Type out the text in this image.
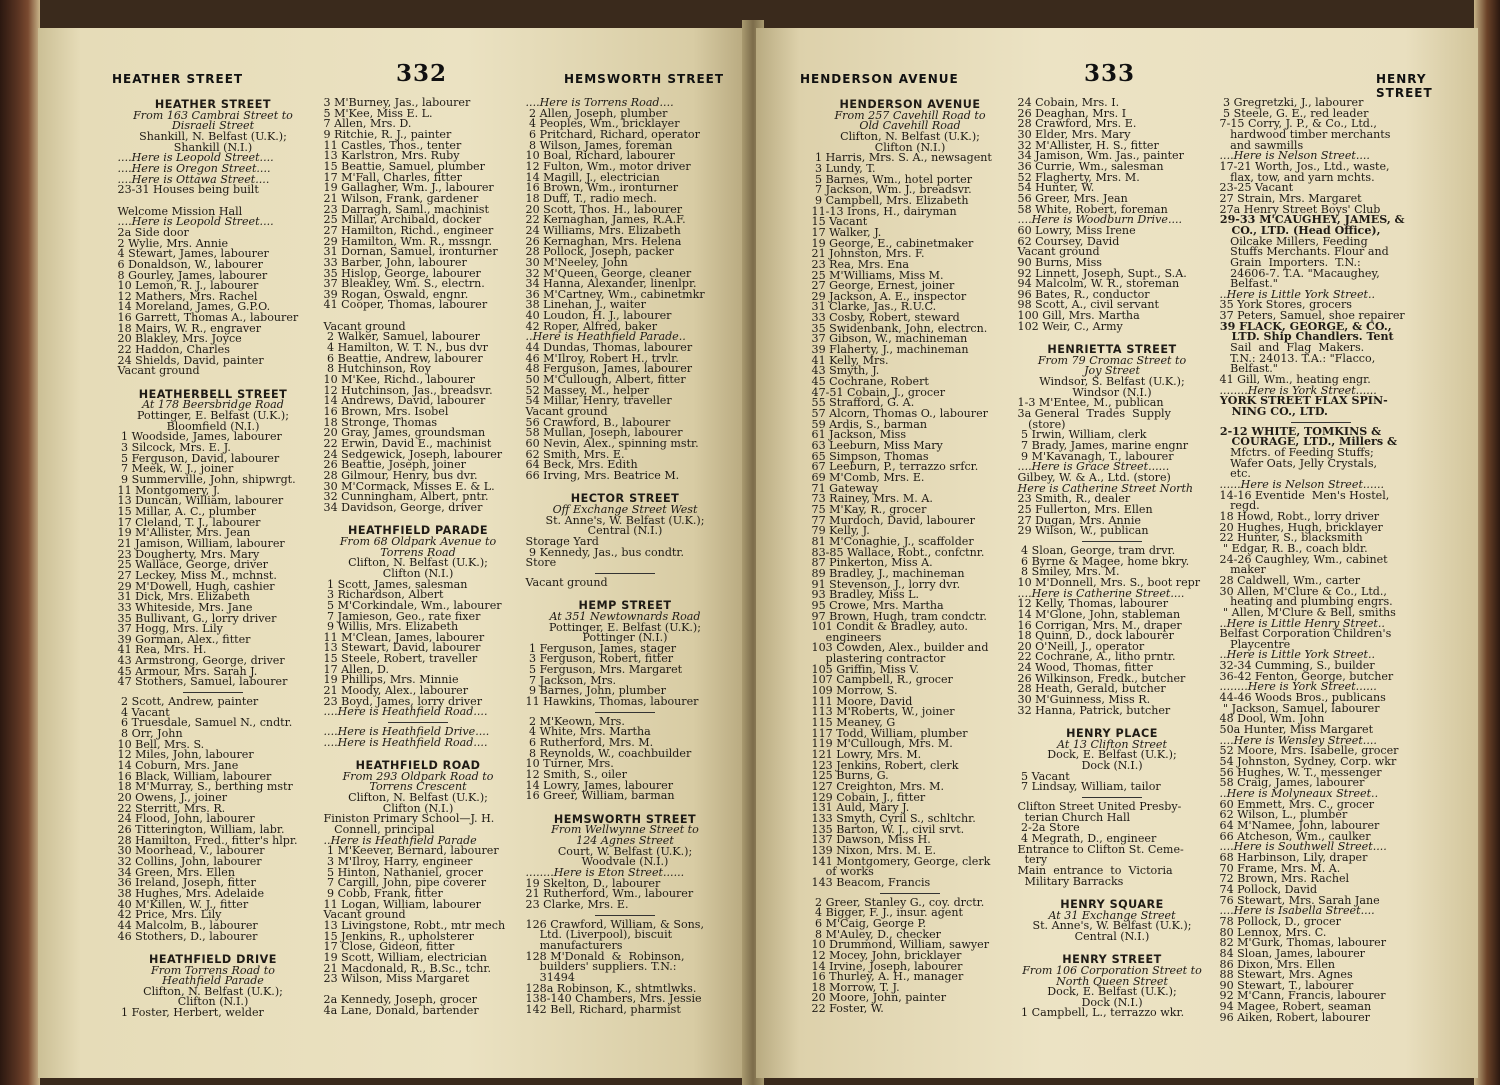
HEATHER STREET	332	HEMSWORTH STREET
HEATHER STREET
From 163 Cambrai Street to
Disraeli Street
Shankill, N. Belfast (U.K.);
Shankill (N.I.)
....Here is Leopold Street....
....Here is Oregon Street....
....Here is Ottawa Street....
23-31 Houses being built

Welcome Mission Hall
....Here is Leopold Street....
2a Side door
2 Wylie, Mrs. Annie
4 Stewart, James, labourer
6 Donaldson, W., labourer
8 Gourley, James, labourer
10 Lemon, R. J., labourer
12 Mathers, Mrs. Rachel
14 Moreland, James, G.P.O.
16 Garrett, Thomas A., labourer
18 Mairs, W. R., engraver
20 Blakley, Mrs. Joyce
22 Haddon, Charles
24 Shields, David, painter
Vacant ground

HEATHERBELL STREET
At 178 Beersbridge Road
Pottinger, E. Belfast (U.K.);
Bloomfield (N.I.)
1 Woodside, James, labourer
3 Silcock, Mrs. E. J.
5 Ferguson, David, labourer
7 Meek, W. J., joiner
9 Summerville, John, shipwrgt.
11 Montgomery, J.
13 Duncan, William, labourer
15 Millar, A. C., plumber
17 Cleland, T. J., labourer
19 M'Allister, Mrs. Jean
21 Jamison, William, labourer
23 Dougherty, Mrs. Mary
25 Wallace, George, driver
27 Leckey, Miss M., mchnst.
29 M'Dowell, Hugh, cashier
31 Dick, Mrs. Elizabeth
33 Whiteside, Mrs. Jane
35 Bullivant, G., lorry driver
37 Hogg, Mrs. Lily
39 Gorman, Alex., fitter
41 Rea, Mrs. H.
43 Armstrong, George, driver
45 Armour, Mrs. Sarah J.
47 Stothers, Samuel, labourer

2 Scott, Andrew, painter
4 Vacant
6 Truesdale, Samuel N., cndtr.
8 Orr, John
10 Bell, Mrs. S.
12 Miles, John, labourer
14 Coburn, Mrs. Jane
16 Black, William, labourer
18 M'Murray, S., berthing mstr
20 Owens, J., joiner
22 Sterritt, Mrs. R.
24 Flood, John, labourer
26 Titterington, William, labr.
28 Hamilton, Fred., fitter's hlpr.
30 Moorhead, V., labourer
32 Collins, John, labourer
34 Green, Mrs. Ellen
36 Ireland, Joseph, fitter
38 Hughes, Mrs. Adelaide
40 M'Killen, W. J., fitter
42 Price, Mrs. Lily
44 Malcolm, B., labourer
46 Stothers, D., labourer

HEATHFIELD DRIVE
From Torrens Road to
Heathfield Parade
Clifton, N. Belfast (U.K.);
Clifton (N.I.)
1 Foster, Herbert, welder

3 M'Burney, Jas., labourer
5 M'Kee, Miss E. L.
7 Allen, Mrs. D.
9 Ritchie, R. J., painter
11 Castles, Thos., tenter
13 Karlstron, Mrs. Ruby
15 Beattie, Samuel, plumber
17 M'Fall, Charles, fitter
19 Gallagher, Wm. J., labourer
21 Wilson, Frank, gardener
23 Darragh, Saml., machinist
25 Millar, Archibald, docker
27 Hamilton, Richd., engineer
29 Hamilton, Wm. R., mssngr.
31 Dornan, Samuel, ironturner
33 Barber, John, labourer
35 Hislop, George, labourer
37 Bleakley, Wm. S., electrn.
39 Rogan, Oswald, engnr.
41 Cooper, Thomas, labourer

Vacant ground
2 Walker, Samuel, labourer
4 Hamilton, W. T. N., bus dvr
6 Beattie, Andrew, labourer
8 Hutchinson, Roy
10 M'Kee, Richd., labourer
12 Hutchinson, Jas., breadsvr.
14 Andrews, David, labourer
16 Brown, Mrs. Isobel
18 Stronge, Thomas
20 Gray, James, groundsman
22 Erwin, David E., machinist
24 Sedgewick, Joseph, labourer
26 Beattie, Joseph, joiner
28 Gilmour, Henry, bus dvr.
30 M'Cormack, Misses E. & L.
32 Cunningham, Albert, pntr.
34 Davidson, George, driver

HEATHFIELD PARADE
From 68 Oldpark Avenue to
Torrens Road
Clifton, N. Belfast (U.K.);
Clifton (N.I.)
1 Scott, James, salesman
3 Richardson, Albert
5 M'Corkindale, Wm., labourer
7 Jamieson, Geo., rate fixer
9 Willis, Mrs. Elizabeth
11 M'Clean, James, labourer
13 Stewart, David, labourer
15 Steele, Robert, traveller
17 Allen, D.
19 Phillips, Mrs. Minnie
21 Moody, Alex., labourer
23 Boyd, James, lorry driver
....Here is Heathfield Road....

....Here is Heathfield Drive....
....Here is Heathfield Road....

HEATHFIELD ROAD
From 293 Oldpark Road to
Torrens Crescent
Clifton, N. Belfast (U.K.);
Clifton (N.I.)
Finiston Primary School—J. H.
Connell, principal
..Here is Heathfield Parade
1 M'Keever, Bernard, labourer
3 M'Ilroy, Harry, engineer
5 Hinton, Nathaniel, grocer
7 Cargill, John, pipe coverer
9 Cobb, Frank, fitter
11 Logan, William, labourer
Vacant ground
13 Livingstone, Robt., mtr mech
15 Jenkins, R., upholsterer
17 Close, Gideon, fitter
19 Scott, William, electrician
21 Macdonald, R., B.Sc., tchr.
23 Wilson, Miss Margaret

2a Kennedy, Joseph, grocer
4a Lane, Donald, bartender

....Here is Torrens Road....
2 Allen, Joseph, plumber
4 Peoples, Wm., bricklayer
6 Pritchard, Richard, operator
8 Wilson, James, foreman
10 Boal, Richard, labourer
12 Fulton, Wm., motor driver
14 Magill, J., electrician
16 Brown, Wm., ironturner
18 Duff, T., radio mech.
20 Scott, Thos. H., labourer
22 Kernaghan, James, R.A.F.
24 Williams, Mrs. Elizabeth
26 Kernaghan, Mrs. Helena
28 Pollock, Joseph, packer
30 M'Neeley, John
32 M'Queen, George, cleaner
34 Hanna, Alexander, linenlpr.
36 M'Cartney, Wm., cabinetmkr
38 Linehan, J., waiter
40 Loudon, H. J., labourer
42 Roper, Alfred, baker
..Here is Heathfield Parade..
44 Dundas, Thomas, labourer
46 M'Ilroy, Robert H., trvlr.
48 Ferguson, James, labourer
50 M'Cullough, Albert, fitter
52 Massey, M., helper
54 Millar, Henry, traveller
Vacant ground
56 Crawford, B., labourer
58 Mullan, Joseph, labourer
60 Nevin, Alex., spinning mstr.
62 Smith, Mrs. E.
64 Beck, Mrs. Edith
66 Irving, Mrs. Beatrice M.

HECTOR STREET
Off Exchange Street West
St. Anne's, W. Belfast (U.K.);
Central (N.I.)
Storage Yard
9 Kennedy, Jas., bus condtr.
Store

Vacant ground

HEMP STREET
At 351 Newtownards Road
Pottinger, E. Belfast (U.K.);
Pottinger (N.I.)
1 Ferguson, James, stager
3 Ferguson, Robert, fitter
5 Ferguson, Mrs. Margaret
7 Jackson, Mrs.
9 Barnes, John, plumber
11 Hawkins, Thomas, labourer

2 M'Keown, Mrs.
4 White, Mrs. Martha
6 Rutherford, Mrs. M.
8 Reynolds, W., coachbuilder
10 Turner, Mrs.
12 Smith, S., oiler
14 Lowry, James, labourer
16 Greer, William, barman

HEMSWORTH STREET
From Wellwynne Street to
124 Agnes Street
Court, W. Belfast (U.K.);
Woodvale (N.I.)
........Here is Eton Street......
19 Skelton, D., labourer
21 Rutherford, Wm., labourer
23 Clarke, Mrs. E.

126 Crawford, William, & Sons,
Ltd. (Liverpool), biscuit
manufacturers
128 M'Donald  &  Robinson,
builders' suppliers. T.N.:
31494
128a Robinson, K., shtmtlwks.
138-140 Chambers, Mrs. Jessie
142 Bell, Richard, pharmist

HENDERSON AVENUE	333	HENRY STREET
HENDERSON AVENUE
From 257 Cavehill Road to
Old Cavehill Road
Clifton, N. Belfast (U.K.);
Clifton (N.I.)
1 Harris, Mrs. S. A., newsagent
3 Lundy, T.
5 Barnes, Wm., hotel porter
7 Jackson, Wm. J., breadsvr.
9 Campbell, Mrs. Elizabeth
11-13 Irons, H., dairyman
15 Vacant
17 Walker, J.
19 George, E., cabinetmaker
21 Johnston, Mrs. F.
23 Rea, Mrs. Ena
25 M'Williams, Miss M.
27 George, Ernest, joiner
29 Jackson, A. E., inspector
31 Clarke, Jas., R.U.C.
33 Cosby, Robert, steward
35 Swidenbank, John, electrcn.
37 Gibson, W., machineman
39 Flaherty, J., machineman
41 Kelly, Mrs.
43 Smyth, J.
45 Cochrane, Robert
47-51 Cobain, J., grocer
55 Strafford, G. A.
57 Alcorn, Thomas O., labourer
59 Ardis, S., barman
61 Jackson, Miss
63 Leeburn, Miss Mary
65 Simpson, Thomas
67 Leeburn, P., terrazzo srfcr.
69 M'Comb, Mrs. E.
71 Gateway
73 Rainey, Mrs. M. A.
75 M'Kay, R., grocer
77 Murdoch, David, labourer
79 Kelly, J.
81 M'Conaghie, J., scaffolder
83-85 Wallace, Robt., confctnr.
87 Pinkerton, Miss A.
89 Bradley, J., machineman
91 Stevenson, J., lorry dvr.
93 Bradley, Miss L.
95 Crowe, Mrs. Martha
97 Brown, Hugh, tram condctr.
101 Condit & Bradley, auto.
engineers
103 Cowden, Alex., builder and
plastering contractor
105 Griffin, Miss V.
107 Campbell, R., grocer
109 Morrow, S.
111 Moore, David
113 M'Roberts, W., joiner
115 Meaney, G
117 Todd, William, plumber
119 M'Cullough, Mrs. M.
121 Lowry, Mrs. M.
123 Jenkins, Robert, clerk
125 Burns, G.
127 Creighton, Mrs. M.
129 Cobain, J., fitter
131 Auld, Mary J.
133 Smyth, Cyril S., schltchr.
135 Barton, W. J., civil srvt.
137 Dawson, Miss H.
139 Nixon, Mrs. M. E.
141 Montgomery, George, clerk
of works
143 Beacom, Francis

2 Greer, Stanley G., coy. drctr.
4 Bigger, F. J., insur. agent
6 M'Caig, George P.
8 M'Auley, D., checker
10 Drummond, William, sawyer
12 Mocey, John, bricklayer
14 Irvine, Joseph, labourer
16 Thurley, A. H., manager
18 Morrow, T. J.
20 Moore, John, painter
22 Foster, W.

24 Cobain, Mrs. I.
26 Deaghan, Mrs. I
28 Crawford, Mrs. E.
30 Elder, Mrs. Mary
32 M'Allister, H. S., fitter
34 Jamison, Wm. Jas., painter
36 Currie, Wm., salesman
52 Flagherty, Mrs. M.
54 Hunter, W.
56 Greer, Mrs. Jean
58 White, Robert, foreman
....Here is Woodburn Drive....
60 Lowry, Miss Irene
62 Coursey, David
Vacant ground
90 Burns, Miss
92 Linnett, Joseph, Supt., S.A.
94 Malcolm, W. R., storeman
96 Bates, R., conductor
98 Scott, A., civil servant
100 Gill, Mrs. Martha
102 Weir, C., Army

HENRIETTA STREET
From 79 Cromac Street to
Joy Street
Windsor, S. Belfast (U.K.);
Windsor (N.I.)
1-3 M'Entee, M., publican
3a General  Trades  Supply
(store)
5 Irwin, William, clerk
7 Brady, James, marine engnr
9 M'Kavanagh, T., labourer
....Here is Grace Street......
Gilbey, W. & A., Ltd. (store)
Here is Catherine Street North
23 Smith, R., dealer
25 Fullerton, Mrs. Ellen
27 Dugan, Mrs. Annie
29 Wilson, W., publican

4 Sloan, George, tram drvr.
6 Byrne & Magee, home bkry.
8 Smiley, Mrs. M.
10 M'Donnell, Mrs. S., boot repr
....Here is Catherine Street....
12 Kelly, Thomas, labourer
14 M'Glone, John, stableman
16 Corrigan, Mrs. M., draper
18 Quinn, D., dock labourer
20 O'Neill, J., operator
22 Cochrane, A., litho prntr.
24 Wood, Thomas, fitter
26 Wilkinson, Fredk., butcher
28 Heath, Gerald, butcher
30 M'Guinness, Miss R.
32 Hanna, Patrick, butcher

HENRY PLACE
At 13 Clifton Street
Dock, E. Belfast (U.K.);
Dock (N.I.)
5 Vacant
7 Lindsay, William, tailor

Clifton Street United Presby-
terian Church Hall
2-2a Store
4 Megrath, D., engineer
Entrance to Clifton St. Ceme-
tery
Main  entrance  to  Victoria
Military Barracks

HENRY SQUARE
At 31 Exchange Street
St. Anne's, W. Belfast (U.K.);
Central (N.I.)

HENRY STREET
From 106 Corporation Street to
North Queen Street
Dock, E. Belfast (U.K.);
Dock (N.I.)
1 Campbell, L., terrazzo wkr.

3 Gregretzki, J., labourer
5 Steele, G. E., red leader
7-15 Corry, J. P., & Co., Ltd.,
hardwood timber merchants
and sawmills
....Here is Nelson Street....
17-21 Worth, Jos., Ltd., waste,
flax, tow, and yarn mchts.
23-25 Vacant
27 Strain, Mrs. Margaret
27a Henry Street Boys' Club
29-33 M'CAUGHEY, JAMES, &
CO., LTD. (Head Office),
Oilcake Millers, Feeding
Stuffs Merchants. Flour and
Grain  Importers.  T.N.:
24606-7. T.A. "Macaughey,
Belfast."
..Here is Little York Street..
35 York Stores, grocers
37 Peters, Samuel, shoe repairer
39 FLACK, GEORGE, & CO.,
LTD. Ship Chandlers. Tent
Sail  and  Flag  Makers.
T.N.: 24013. T.A.: "Flacco,
Belfast."
41 Gill, Wm., heating engr.
........Here is York Street......
YORK STREET FLAX SPIN-
NING CO., LTD.

2-12 WHITE, TOMKINS &
COURAGE, LTD., Millers &
Mfctrs. of Feeding Stuffs;
Wafer Oats, Jelly Crystals,
etc.
......Here is Nelson Street......
14-16 Eventide  Men's Hostel,
regd.
18 Howd, Robt., lorry driver
20 Hughes, Hugh, bricklayer
22 Hunter, S., blacksmith
" Edgar, R. B., coach bldr.
24-26 Caughley, Wm., cabinet
maker
28 Caldwell, Wm., carter
30 Allen, M'Clure & Co., Ltd.,
heating and plumbing engrs.
" Allen, M'Clure & Bell, smiths
..Here is Little Henry Street..
Belfast Corporation Children's
Playcentre
..Here is Little York Street..
32-34 Cumming, S., builder
36-42 Fenton, George, butcher
........Here is York Street......
44-46 Woods Bros., publicans
" Jackson, Samuel, labourer
48 Dool, Wm. John
50a Hunter, Miss Margaret
....Here is Wensley Street....
52 Moore, Mrs. Isabelle, grocer
54 Johnston, Sydney, Corp. wkr
56 Hughes, W. T., messenger
58 Craig, James, labourer
..Here is Molyneaux Street..
60 Emmett, Mrs. C., grocer
62 Wilson, L., plumber
64 M'Namee, John, labourer
66 Atcheson, Wm., caulker
....Here is Southwell Street....
68 Harbinson, Lily, draper
70 Frame, Mrs. M. A.
72 Brown, Mrs. Rachel
74 Pollock, David
76 Stewart, Mrs. Sarah Jane
....Here is Isabella Street....
78 Pollock, D., grocer
80 Lennox, Mrs. C.
82 M'Gurk, Thomas, labourer
84 Sloan, James, labourer
86 Dixon, Mrs. Ellen
88 Stewart, Mrs. Agnes
90 Stewart, T., labourer
92 M'Cann, Francis, labourer
94 Magee, Robert, seaman
96 Aiken, Robert, labourer
